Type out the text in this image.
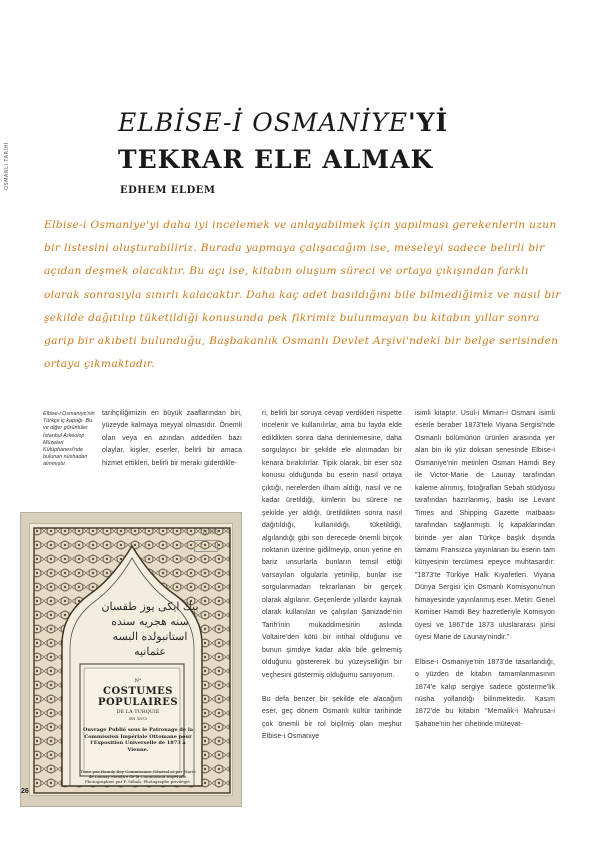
OSMANLI TARİHİ
ELBİSE-İ OSMANİYE'Yİ
TEKRAR ELE ALMAK
EDHEM ELDEM

Elbise-i Osmaniye'yi daha iyi incelemek ve anlayabilmek için yapılması gerekenlerin uzun bir listesini oluşturabiliriz. Burada yapmaya çalışacağım ise, meseleyi sadece belirli bir açıdan deşmek olacaktır. Bu açı ise, kitabın oluşum süreci ve ortaya çıkışından farklı olarak sonrasıyla sınırlı kalacaktır. Daha kaç adet basıldığını bile bilmediğimiz ve nasıl bir şekilde dağıtılıp tüketildiği konusunda pek fikrimiz bulunmayan bu kitabın yıllar sonra garip bir akıbeti bulunduğu, Başbakanlık Osmanlı Devlet Arşivi'ndeki bir belge serisinden ortaya çıkmaktadır.

Elbise-i Osmaniye'nin Türkçe iç kapağı. Bu ve diğer görüntüler İstanbul Arkeoloji Müzeleri Kütüphanesi'nde bulunan nüshadan alınmıştır.

11483
بيك ايكى يوز طقسان سنه هجريه سنده استانبولده البسه عثمانيه
N°
COSTUMES POPULAIRES
DE LA TURQUIE
EN 1873
Ouvrage Publié sous le Patronage de la Commission Impériale Ottomane pour l'Exposition Universelle de 1873 à Vienne.
Texte par Hamdy Bey Commissaire Général et par Marie de Launay Membre de la Commission Impériale. Photographies par P. Sébah, Photographe privilégié.

tarihçiliğimizin en büyük zaaflarından biri, yüzeyde kalmaya meyyal olmasıdır. Önemli olan veya en azından addedilen bazı olaylar, kişiler, eserler, belirli bir amaca hizmet ettikleri, belirli bir merakı giderdikle-

ri, belirli bir soruya cevap verdikleri nispette incelenir ve kullanılırlar, ama bu fayda elde edildikten sonra daha derinlemesine, daha sorgulayıcı bir şekilde ele alınmadan bir kenara bırakılırlar. Tipik olarak, bir eser söz konusu olduğunda bu eserin nasıl ortaya çıktığı, nerelerden ilham aldığı, nasıl ve ne kadar üretildiği, kimlerin bu sürece ne şekilde yer aldığı, üretildikten sonra nasıl dağıtıldığı, kullanıldığı, tüketildiği, algılandığı gibi son derecede önemli birçok noktanın üzerine gidilmeyip, onun yerine en bariz unsurlarla bunların temsil ettiği varsayılan olgularla yetinilip, bunlar ise sorgulanmadan tekrarlanan bir gerçek olarak algılanır. Geçenlerde yıllardır kaynak olarak kullanılan ve çalışılan Şanizade'nin Tarih'inin mukaddimesinin aslında Voltaire'den kötü bir intihal olduğunu ve bunun şimdiye kadar akla bile gelmemiş olduğunu göstererek bu yüzeyselliğin bir veçhesini göstermiş olduğumu sanıyorum.

Bu defa benzer bir şekilde ele alacağım eser, geç dönem Osmanlı kültür tarihinde çok önemli bir rol biçilmiş olan meşhur Elbise-i Osmaniye

isimli kitaptır. Usul-i Mimari-i Osmani isimli eserle beraber 1873'teki Viyana Sergisi'nde Osmanlı bölümünün ürünleri arasında yer alan bin iki yüz doksan senesinde Elbise-i Osmaniye'nin metinleri Osman Hamdi Bey ile Victor-Marie de Launay tarafından kaleme alınmış, fotoğrafları Sebah stüdyosu tarafından hazırlanmış, baskı ise Levant Times and Shipping Gazette matbaası tarafından sağlanmıştı. İç kapaklarından birinde yer alan Türkçe başlık dışında tamamı Fransızca yayınlanan bu eserin tam künyesinin tercümesi epeyce muhtasardır: "1873'te Türkiye Halk Kıyafetleri. Viyana Dünya Sergisi için Osmanlı Komisyonu'nun himayesinde yayınlanmış eser. Metin: Genel Komiser Hamdi Bey hazretleriyle Komisyon üyesi ve 1867'de 1873 uluslararası jürisi üyesi Marie de Launay'nindir."

Elbise-i Osmaniye'nin 1873'de tasarlandığı, o yüzden de kitabın tamamlanmasının 1874'e kalıp sergiye sadece gösterme'lik nüsha yollandığı bilinmektedir. Kasım 1872'de bu kitabın "Memalik-i Mahrusa-i Şahane'nin her cihetinde mütevat-

26
